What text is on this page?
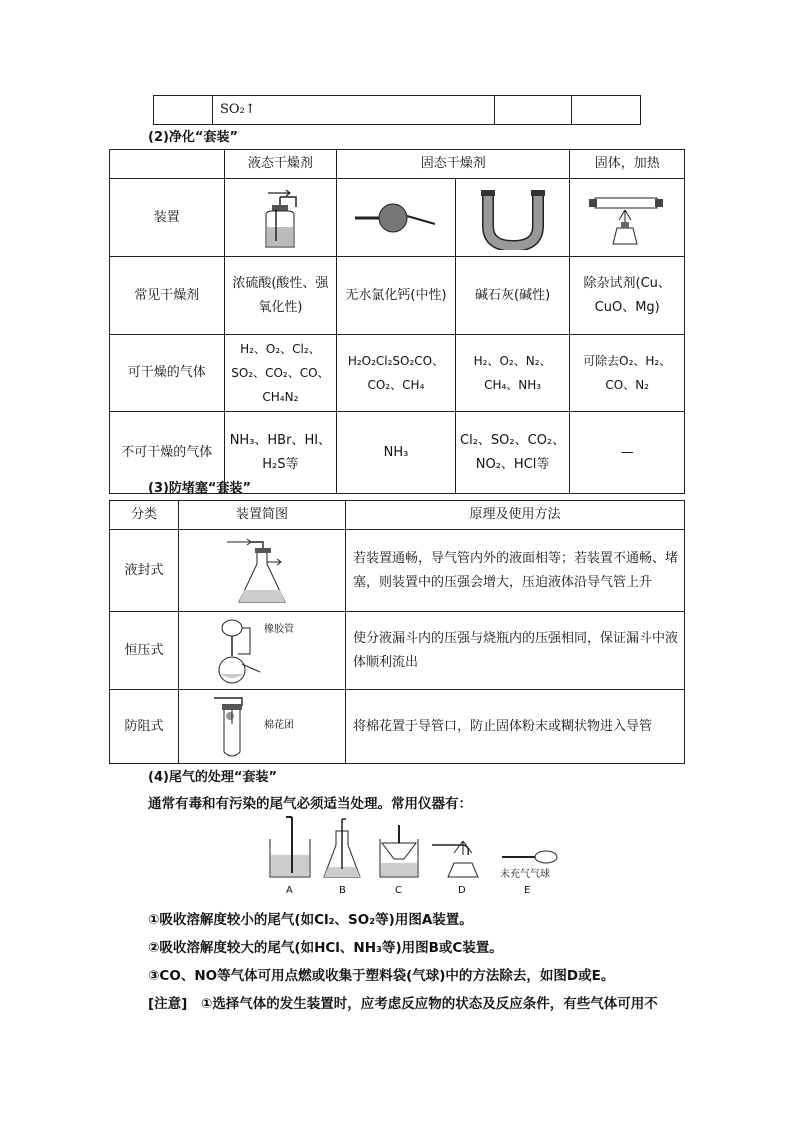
	SO₂↑		
(2)净化“套装”
	液态干燥剂	固态干燥剂		固体，加热
装置	

常见干燥剂	浓硫酸(酸性、强氧化性)	无水氯化钙(中性)	碱石灰(碱性)	除杂试剂(Cu、CuO、Mg)
可干燥的气体	H₂、O₂、Cl₂、SO₂、CO₂、CO、CH₄N₂	H₂O₂Cl₂SO₂CO、CO₂、CH₄	H₂、O₂、N₂、CH₄、NH₃	可除去O₂、H₂、CO、N₂
不可干燥的气体	NH₃、HBr、HI、H₂S等	NH₃	Cl₂、SO₂、CO₂、NO₂、HCl等	—
(3)防堵塞“套装”
分类	装置简图	原理及使用方法
液封式		若装置通畅，导气管内外的液面相等；若装置不通畅、堵塞，则装置中的压强会增大，压迫液体沿导气管上升
恒压式	橡胶管	使分液漏斗内的压强与烧瓶内的压强相同，保证漏斗中液体顺利流出
防阻式	棉花团	将棉花置于导管口，防止固体粉末或糊状物进入导管
(4)尾气的处理“套装”
通常有毒和有污染的尾气必须适当处理。常用仪器有：
未充气气球
A	B	C	D	E
①吸收溶解度较小的尾气(如Cl₂、SO₂等)用图A装置。
②吸收溶解度较大的尾气(如HCl、NH₃等)用图B或C装置。
③CO、NO等气体可用点燃或收集于塑料袋(气球)中的方法除去，如图D或E。
[注意]　①选择气体的发生装置时，应考虑反应物的状态及反应条件，有些气体可用不
